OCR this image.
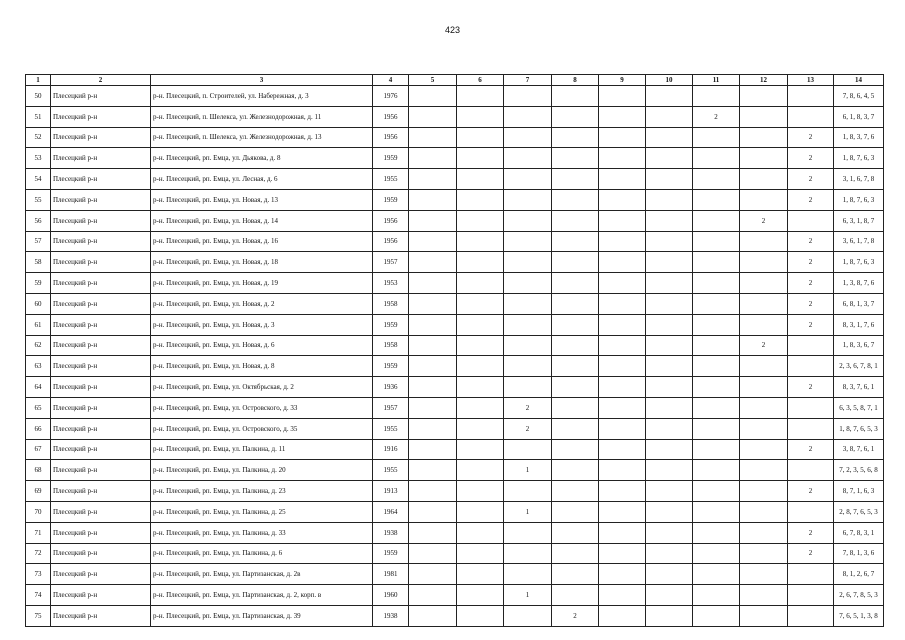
423
1	2	3	4	5	6	7	8	9	10	11	12	13	14
50	Плесецкий р-н	р-н. Плесецкий, п. Строителей, ул. Набережная, д. 3	1976										7, 8, 6, 4, 5
51	Плесецкий р-н	р-н. Плесецкий, п. Шелекса, ул. Железнодорожная, д. 11	1956							2			6, 1, 8, 3, 7
52	Плесецкий р-н	р-н. Плесецкий, п. Шелекса, ул. Железнодорожная, д. 13	1956									2	1, 8, 3, 7, 6
53	Плесецкий р-н	р-н. Плесецкий, рп. Емца, ул. Дьякова, д. 8	1959									2	1, 8, 7, 6, 3
54	Плесецкий р-н	р-н. Плесецкий, рп. Емца, ул. Лесная, д. 6	1955									2	3, 1, 6, 7, 8
55	Плесецкий р-н	р-н. Плесецкий, рп. Емца, ул. Новая, д. 13	1959									2	1, 8, 7, 6, 3
56	Плесецкий р-н	р-н. Плесецкий, рп. Емца, ул. Новая, д. 14	1956								2		6, 3, 1, 8, 7
57	Плесецкий р-н	р-н. Плесецкий, рп. Емца, ул. Новая, д. 16	1956									2	3, 6, 1, 7, 8
58	Плесецкий р-н	р-н. Плесецкий, рп. Емца, ул. Новая, д. 18	1957									2	1, 8, 7, 6, 3
59	Плесецкий р-н	р-н. Плесецкий, рп. Емца, ул. Новая, д. 19	1953									2	1, 3, 8, 7, 6
60	Плесецкий р-н	р-н. Плесецкий, рп. Емца, ул. Новая, д. 2	1958									2	6, 8, 1, 3, 7
61	Плесецкий р-н	р-н. Плесецкий, рп. Емца, ул. Новая, д. 3	1959									2	8, 3, 1, 7, 6
62	Плесецкий р-н	р-н. Плесецкий, рп. Емца, ул. Новая, д. 6	1958								2		1, 8, 3, 6, 7
63	Плесецкий р-н	р-н. Плесецкий, рп. Емца, ул. Новая, д. 8	1959										2, 3, 6, 7, 8, 1
64	Плесецкий р-н	р-н. Плесецкий, рп. Емца, ул. Октябрьская, д. 2	1936									2	8, 3, 7, 6, 1
65	Плесецкий р-н	р-н. Плесецкий, рп. Емца, ул. Островского, д. 33	1957			2							6, 3, 5, 8, 7, 1
66	Плесецкий р-н	р-н. Плесецкий, рп. Емца, ул. Островского, д. 35	1955			2							1, 8, 7, 6, 5, 3
67	Плесецкий р-н	р-н. Плесецкий, рп. Емца, ул. Палкина, д. 11	1916									2	3, 8, 7, 6, 1
68	Плесецкий р-н	р-н. Плесецкий, рп. Емца, ул. Палкина, д. 20	1955			1							7, 2, 3, 5, 6, 8
69	Плесецкий р-н	р-н. Плесецкий, рп. Емца, ул. Палкина, д. 23	1913									2	8, 7, 1, 6, 3
70	Плесецкий р-н	р-н. Плесецкий, рп. Емца, ул. Палкина, д. 25	1964			1							2, 8, 7, 6, 5, 3
71	Плесецкий р-н	р-н. Плесецкий, рп. Емца, ул. Палкина, д. 33	1938									2	6, 7, 8, 3, 1
72	Плесецкий р-н	р-н. Плесецкий, рп. Емца, ул. Палкина, д. 6	1959									2	7, 8, 1, 3, 6
73	Плесецкий р-н	р-н. Плесецкий, рп. Емца, ул. Партизанская, д. 2в	1981										8, 1, 2, 6, 7
74	Плесецкий р-н	р-н. Плесецкий, рп. Емца, ул. Партизанская, д. 2, корп. в	1960			1							2, 6, 7, 8, 5, 3
75	Плесецкий р-н	р-н. Плесецкий, рп. Емца, ул. Партизанская, д. 39	1938				2						7, 6, 5, 1, 3, 8
